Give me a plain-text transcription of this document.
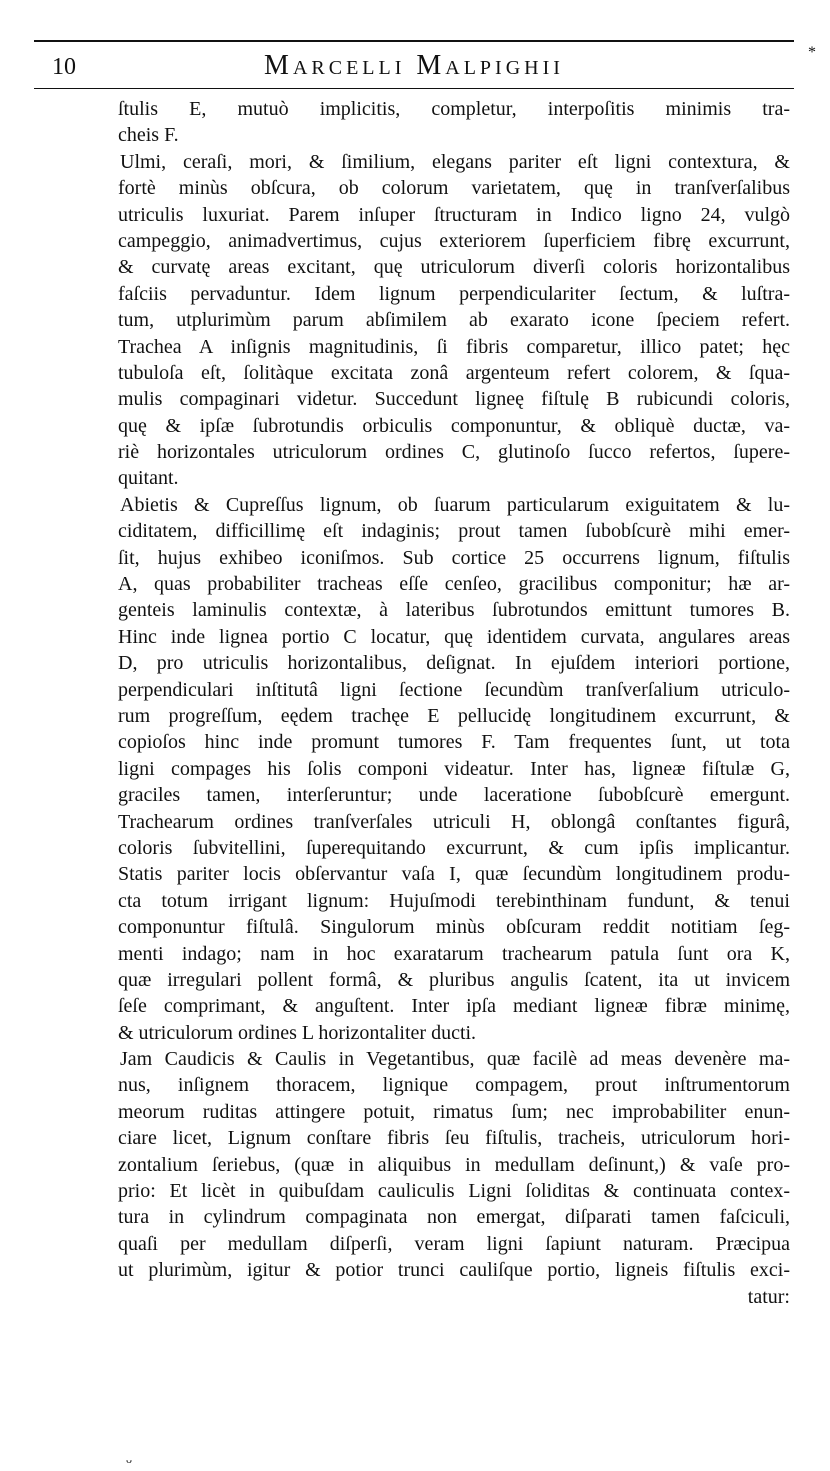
*
10	Marcelli Malpighii
ſtulis E, mutuò implicitis, completur, interpoſitis minimis tra-
cheis F.
Ulmi, ceraſi, mori, & ſimilium, elegans pariter eſt ligni contextura, &
fortè minùs obſcura, ob colorum varietatem, quę in tranſverſalibus
utriculis luxuriat. Parem inſuper ſtructuram in Indico ligno 24, vulgò
campeggio, animadvertimus, cujus exteriorem ſuperficiem fibrę excurrunt,
& curvatę areas excitant, quę utriculorum diverſi coloris horizontalibus
faſciis pervaduntur. Idem lignum perpendiculariter ſectum, & luſtra-
tum, utplurimùm parum abſimilem ab exarato icone ſpeciem refert.
Trachea A inſignis magnitudinis, ſi fibris comparetur, illico patet; hęc
tubuloſa eſt, ſolitàque excitata zonâ argenteum refert colorem, & ſqua-
mulis compaginari videtur. Succedunt ligneę fiſtulę B rubicundi coloris,
quę & ipſæ ſubrotundis orbiculis componuntur, & obliquè ductæ, va-
riè horizontales utriculorum ordines C, glutinoſo ſucco refertos, ſupere-
quitant.
Abietis & Cupreſſus lignum, ob ſuarum particularum exiguitatem & lu-
ciditatem, difficillimę eſt indaginis; prout tamen ſubobſcurè mihi emer-
ſit, hujus exhibeo iconiſmos. Sub cortice 25 occurrens lignum, fiſtulis
A, quas probabiliter tracheas eſſe cenſeo, gracilibus componitur; hæ ar-
genteis laminulis contextæ, à lateribus ſubrotundos emittunt tumores B.
Hinc inde lignea portio C locatur, quę identidem curvata, angulares areas
D, pro utriculis horizontalibus, deſignat. In ejuſdem interiori portione,
perpendiculari inſtitutâ ligni ſectione ſecundùm tranſverſalium utriculo-
rum progreſſum, eędem trachęe E pellucidę longitudinem excurrunt, &
copioſos hinc inde promunt tumores F. Tam frequentes ſunt, ut tota
ligni compages his ſolis componi videatur. Inter has, ligneæ fiſtulæ G,
graciles tamen, interſeruntur; unde laceratione ſubobſcurè emergunt.
Trachearum ordines tranſverſales utriculi H, oblongâ conſtantes figurâ,
coloris ſubvitellini, ſuperequitando excurrunt, & cum ipſis implicantur.
Statis pariter locis obſervantur vaſa I, quæ ſecundùm longitudinem produ-
cta totum irrigant lignum: Hujuſmodi terebinthinam fundunt, & tenui
componuntur fiſtulâ. Singulorum minùs obſcuram reddit notitiam ſeg-
menti indago; nam in hoc exaratarum trachearum patula ſunt ora K,
quæ irregulari pollent formâ, & pluribus angulis ſcatent, ita ut invicem
ſeſe comprimant, & anguſtent. Inter ipſa mediant ligneæ fibræ minimę,
& utriculorum ordines L horizontaliter ducti.
Jam Caudicis & Caulis in Vegetantibus, quæ facilè ad meas devenère ma-
nus, inſignem thoracem, lignique compagem, prout inſtrumentorum
meorum ruditas attingere potuit, rimatus ſum; nec improbabiliter enun-
ciare licet, Lignum conſtare fibris ſeu fiſtulis, tracheis, utriculorum hori-
zontalium ſeriebus, (quæ in aliquibus in medullam deſinunt,) & vaſe pro-
prio: Et licèt in quibuſdam cauliculis Ligni ſoliditas & continuata contex-
tura in cylindrum compaginata non emergat, diſparati tamen faſciculi,
quaſi per medullam diſperſi, veram ligni ſapiunt naturam. Præcipua
ut plurimùm, igitur & potior trunci cauliſque portio, ligneis fiſtulis exci-
tatur:
ᴗ
